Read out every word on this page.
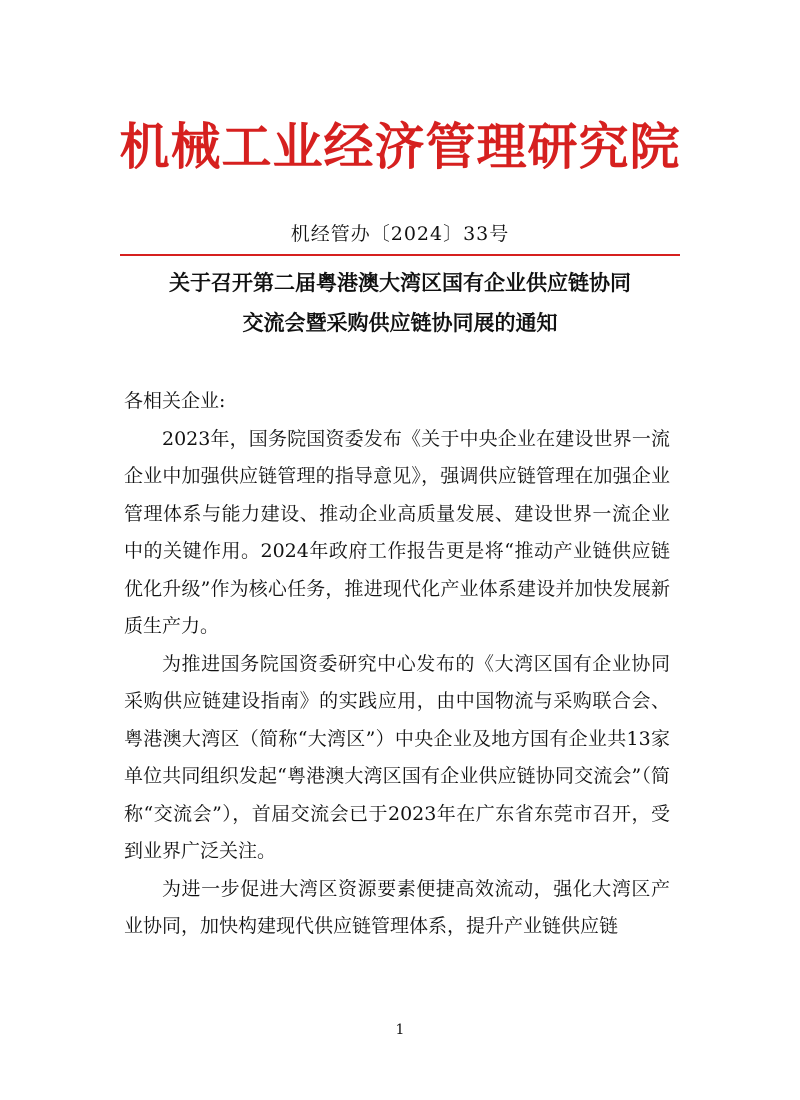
机械工业经济管理研究院
机经管办〔2024〕33号
关于召开第二届粤港澳大湾区国有企业供应链协同
交流会暨采购供应链协同展的通知

各相关企业:

2023年，国务院国资委发布《关于中央企业在建设世界一流企业中加强供应链管理的指导意见》，强调供应链管理在加强企业管理体系与能力建设、推动企业高质量发展、建设世界一流企业中的关键作用。2024年政府工作报告更是将“推动产业链供应链优化升级”作为核心任务，推进现代化产业体系建设并加快发展新质生产力。

为推进国务院国资委研究中心发布的《大湾区国有企业协同采购供应链建设指南》的实践应用，由中国物流与采购联合会、粤港澳大湾区（简称“大湾区”）中央企业及地方国有企业共13家单位共同组织发起“粤港澳大湾区国有企业供应链协同交流会”（简称“交流会”），首届交流会已于2023年在广东省东莞市召开，受到业界广泛关注。

为进一步促进大湾区资源要素便捷高效流动，强化大湾区产业协同，加快构建现代供应链管理体系，提升产业链供应链

1
